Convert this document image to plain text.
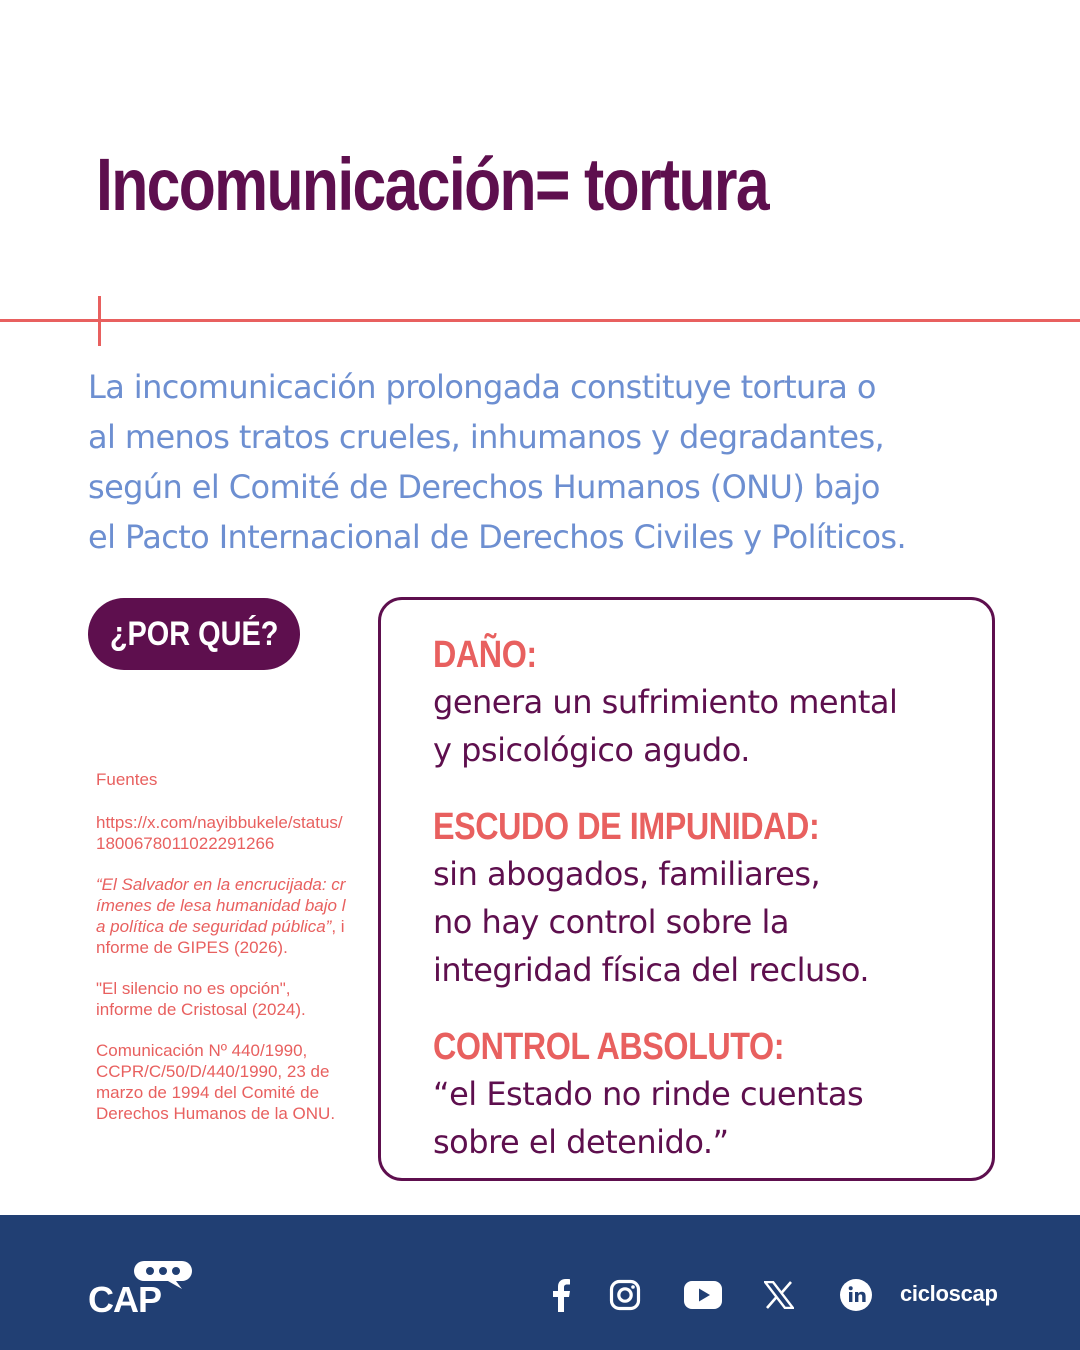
Incomunicación= tortura
La incomunicación prolongada constituye tortura o
al menos tratos crueles, inhumanos y degradantes,
según el Comité de Derechos Humanos (ONU) bajo
el Pacto Internacional de Derechos Civiles y Políticos.
¿POR QUÉ?

Fuentes

https://x.com/nayibbukele/status/1800678011022291266

“El Salvador en la encrucijada: crímenes de lesa humanidad bajo la política de seguridad pública”, informe de GIPES (2026).

"El silencio no es opción", informe de Cristosal (2024).

Comunicación Nº 440/1990, CCPR/C/50/D/440/1990, 23 de marzo de 1994 del Comité de Derechos Humanos de la ONU.

DAÑO:
genera un sufrimiento mental
y psicológico agudo.
ESCUDO DE IMPUNIDAD:
sin abogados, familiares,
no hay control sobre la
integridad física del recluso.
CONTROL ABSOLUTO:
“el Estado no rinde cuentas
sobre el detenido.”
CAP	cicloscap
